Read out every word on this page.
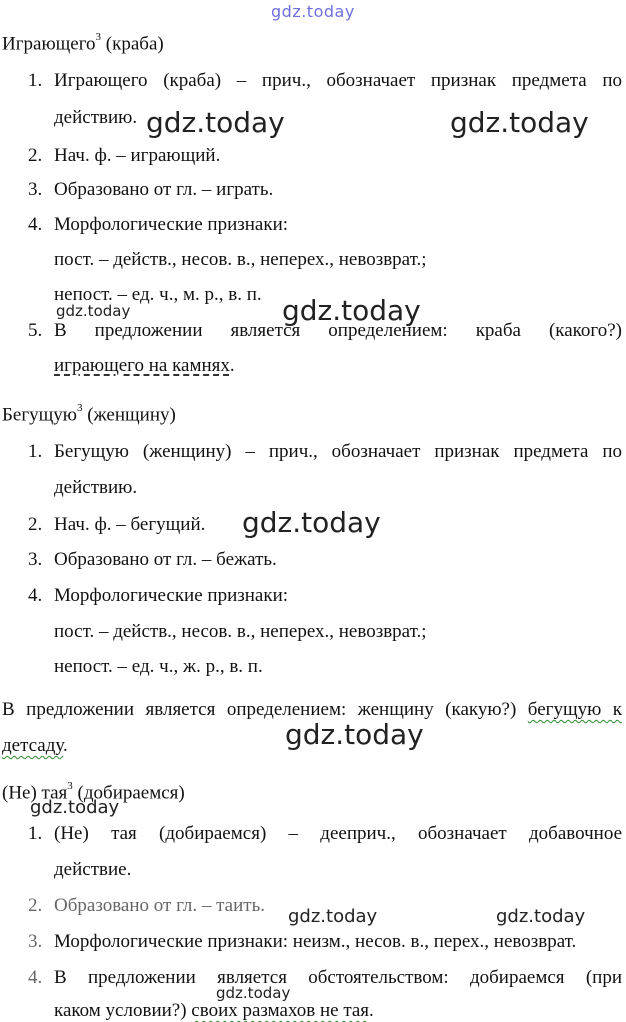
gdz.today
Играющего$^3$ (краба)
1. Играющего (краба) – прич., обозначает признак предмета по
действию.
2. Нач. ф. – играющий.
3. Образовано от гл. – играть.
4. Морфологические признаки:
пост. – действ., несов. в., неперех., невозврат.;
непост. – ед. ч., м. р., в. п.
5. В предложении является определением: краба (какого?)
играющего на камнях.
Бегущую$^3$ (женщину)
1. Бегущую (женщину) – прич., обозначает признак предмета по
действию.
2. Нач. ф. – бегущий.
3. Образовано от гл. – бежать.
4. Морфологические признаки:
пост. – действ., несов. в., неперех., невозврат.;
непост. – ед. ч., ж. р., в. п.
В предложении является определением: женщину (какую?) бегущую к
детсаду.
(Не) тая$^3$ (добираемся)
1. (Не) тая (добираемся) – дееприч., обозначает добавочное
действие.
2. Образовано от гл. – таить.
3. Морфологические признаки: неизм., несов. в., перех., невозврат.
4. В предложении является обстоятельством: добираемся (при
каком условии?) своих размахов не тая.
gdz.today	gdz.today
gdz.today	gdz.today
gdz.today
gdz.today
gdz.today
gdz.today	gdz.today
gdz.today
